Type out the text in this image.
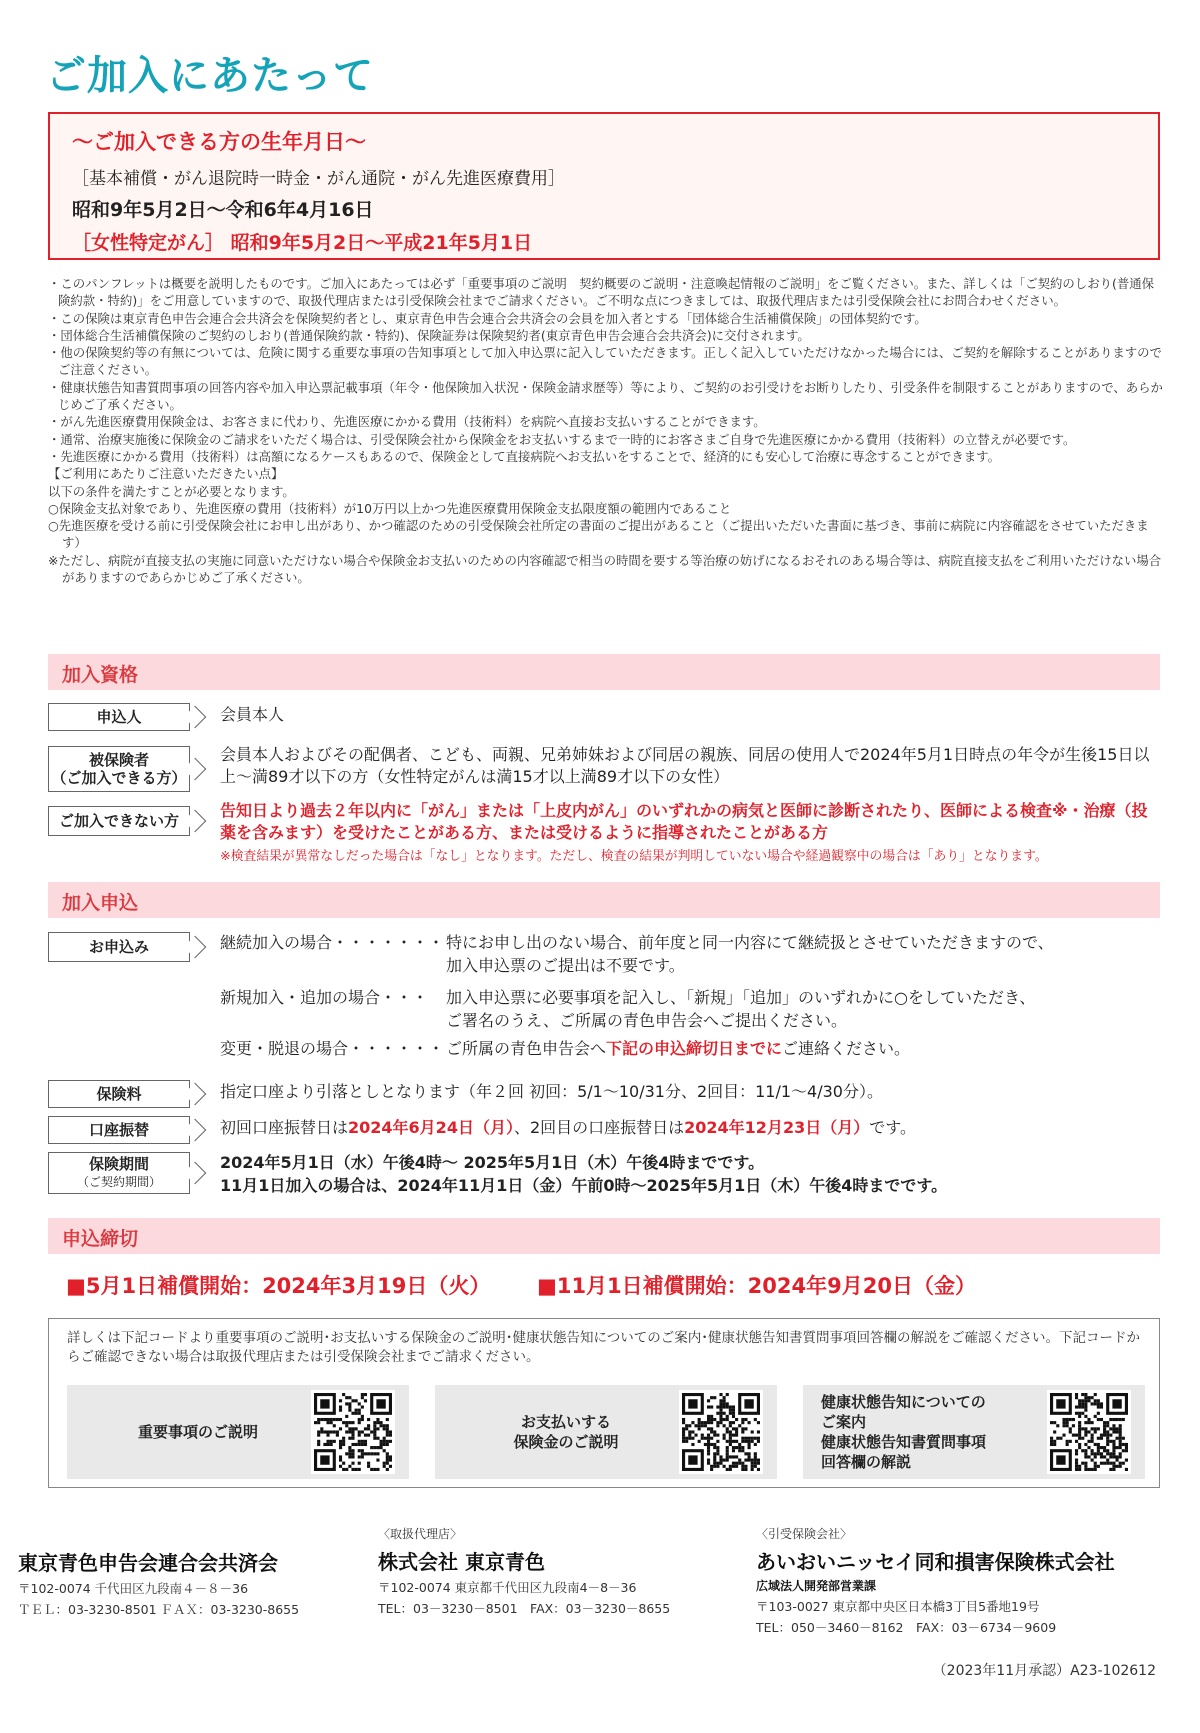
ご加入にあたって
～ご加入できる方の生年月日～
［基本補償・がん退院時一時金・がん通院・がん先進医療費用］
昭和9年5月2日～令和6年4月16日
［女性特定がん］ 昭和9年5月2日～平成21年5月1日
・このパンフレットは概要を説明したものです。ご加入にあたっては必ず「重要事項のご説明　契約概要のご説明・注意喚起情報のご説明」をご覧ください。また、詳しくは「ご契約のしおり(普通保険約款・特約)」をご用意していますので、取扱代理店または引受保険会社までご請求ください。ご不明な点につきましては、取扱代理店または引受保険会社にお問合わせください。
・この保険は東京青色申告会連合会共済会を保険契約者とし、東京青色申告会連合会共済会の会員を加入者とする「団体総合生活補償保険」の団体契約です。
・団体総合生活補償保険のご契約のしおり(普通保険約款・特約)、保険証券は保険契約者(東京青色申告会連合会共済会)に交付されます。
・他の保険契約等の有無については、危険に関する重要な事項の告知事項として加入申込票に記入していただきます。正しく記入していただけなかった場合には、ご契約を解除することがありますのでご注意ください。
・健康状態告知書質問事項の回答内容や加入申込票記載事項（年令・他保険加入状況・保険金請求歴等）等により、ご契約のお引受けをお断りしたり、引受条件を制限することがありますので、あらかじめご了承ください。
・がん先進医療費用保険金は、お客さまに代わり、先進医療にかかる費用（技術料）を病院へ直接お支払いすることができます。
・通常、治療実施後に保険金のご請求をいただく場合は、引受保険会社から保険金をお支払いするまで一時的にお客さまご自身で先進医療にかかる費用（技術料）の立替えが必要です。
・先進医療にかかる費用（技術料）は高額になるケースもあるので、保険金として直接病院へお支払いをすることで、経済的にも安心して治療に専念することができます。
【ご利用にあたりご注意いただきたい点】
以下の条件を満たすことが必要となります。
○保険金支払対象であり、先進医療の費用（技術料）が10万円以上かつ先進医療費用保険金支払限度額の範囲内であること
○先進医療を受ける前に引受保険会社にお申し出があり、かつ確認のための引受保険会社所定の書面のご提出があること（ご提出いただいた書面に基づき、事前に病院に内容確認をさせていただきます）
※ただし、病院が直接支払の実施に同意いただけない場合や保険金お支払いのための内容確認で相当の時間を要する等治療の妨げになるおそれのある場合等は、病院直接支払をご利用いただけない場合がありますのであらかじめご了承ください。
加入資格
申込人	会員本人
被保険者
（ご加入できる方）
会員本人およびその配偶者、こども、両親、兄弟姉妹および同居の親族、同居の使用人で2024年5月1日時点の年令が生後15日以上～満89才以下の方（女性特定がんは満15才以上満89才以下の女性）
ご加入できない方
告知日より過去２年以内に「がん」または「上皮内がん」のいずれかの病気と医師に診断されたり、医師による検査※・治療（投薬を含みます）を受けたことがある方、または受けるように指導されたことがある方
※検査結果が異常なしだった場合は「なし」となります。ただし、検査の結果が判明していない場合や経過観察中の場合は「あり」となります。
加入申込
お申込み	継続加入の場合・・・・・・・ 特にお申し出のない場合、前年度と同一内容にて継続扱とさせていただきますので、
加入申込票のご提出は不要です。
新規加入・追加の場合・・・ 加入申込票に必要事項を記入し、「新規」「追加」のいずれかに○をしていただき、
ご署名のうえ、ご所属の青色申告会へご提出ください。
変更・脱退の場合・・・・・・ ご所属の青色申告会へ下記の申込締切日までにご連絡ください。
保険料	指定口座より引落としとなります（年２回 初回：5/1～10/31分、2回目：11/1～4/30分）。
口座振替	初回口座振替日は2024年6月24日（月）、2回目の口座振替日は2024年12月23日（月）です。
保険期間
（ご契約期間）
2024年5月1日（水）午後4時～ 2025年5月1日（木）午後4時までです。
11月1日加入の場合は、2024年11月1日（金）午前0時～2025年5月1日（木）午後4時までです。
申込締切
■5月1日補償開始：2024年3月19日（火） ■11月1日補償開始：2024年9月20日（金）
詳しくは下記コードより重要事項のご説明･お支払いする保険金のご説明･健康状態告知についてのご案内･健康状態告知書質問事項回答欄の解説をご確認ください。下記コードからご確認できない場合は取扱代理店または引受保険会社までご請求ください。
重要事項のご説明
お支払いする
保険金のご説明
健康状態告知についての
ご案内
健康状態告知書質問事項
回答欄の解説
東京青色申告会連合会共済会
〒102-0074 千代田区九段南４－８－36
ＴＥＬ：03-3230-8501 ＦＡＸ：03-3230-8655
〈取扱代理店〉
株式会社 東京青色
〒102-0074 東京都千代田区九段南4－8－36
TEL：03－3230－8501　FAX：03－3230－8655
〈引受保険会社〉
あいおいニッセイ同和損害保険株式会社
広域法人開発部営業課
〒103-0027 東京都中央区日本橋3丁目5番地19号
TEL：050－3460－8162　FAX：03－6734－9609
（2023年11月承認）A23-102612
